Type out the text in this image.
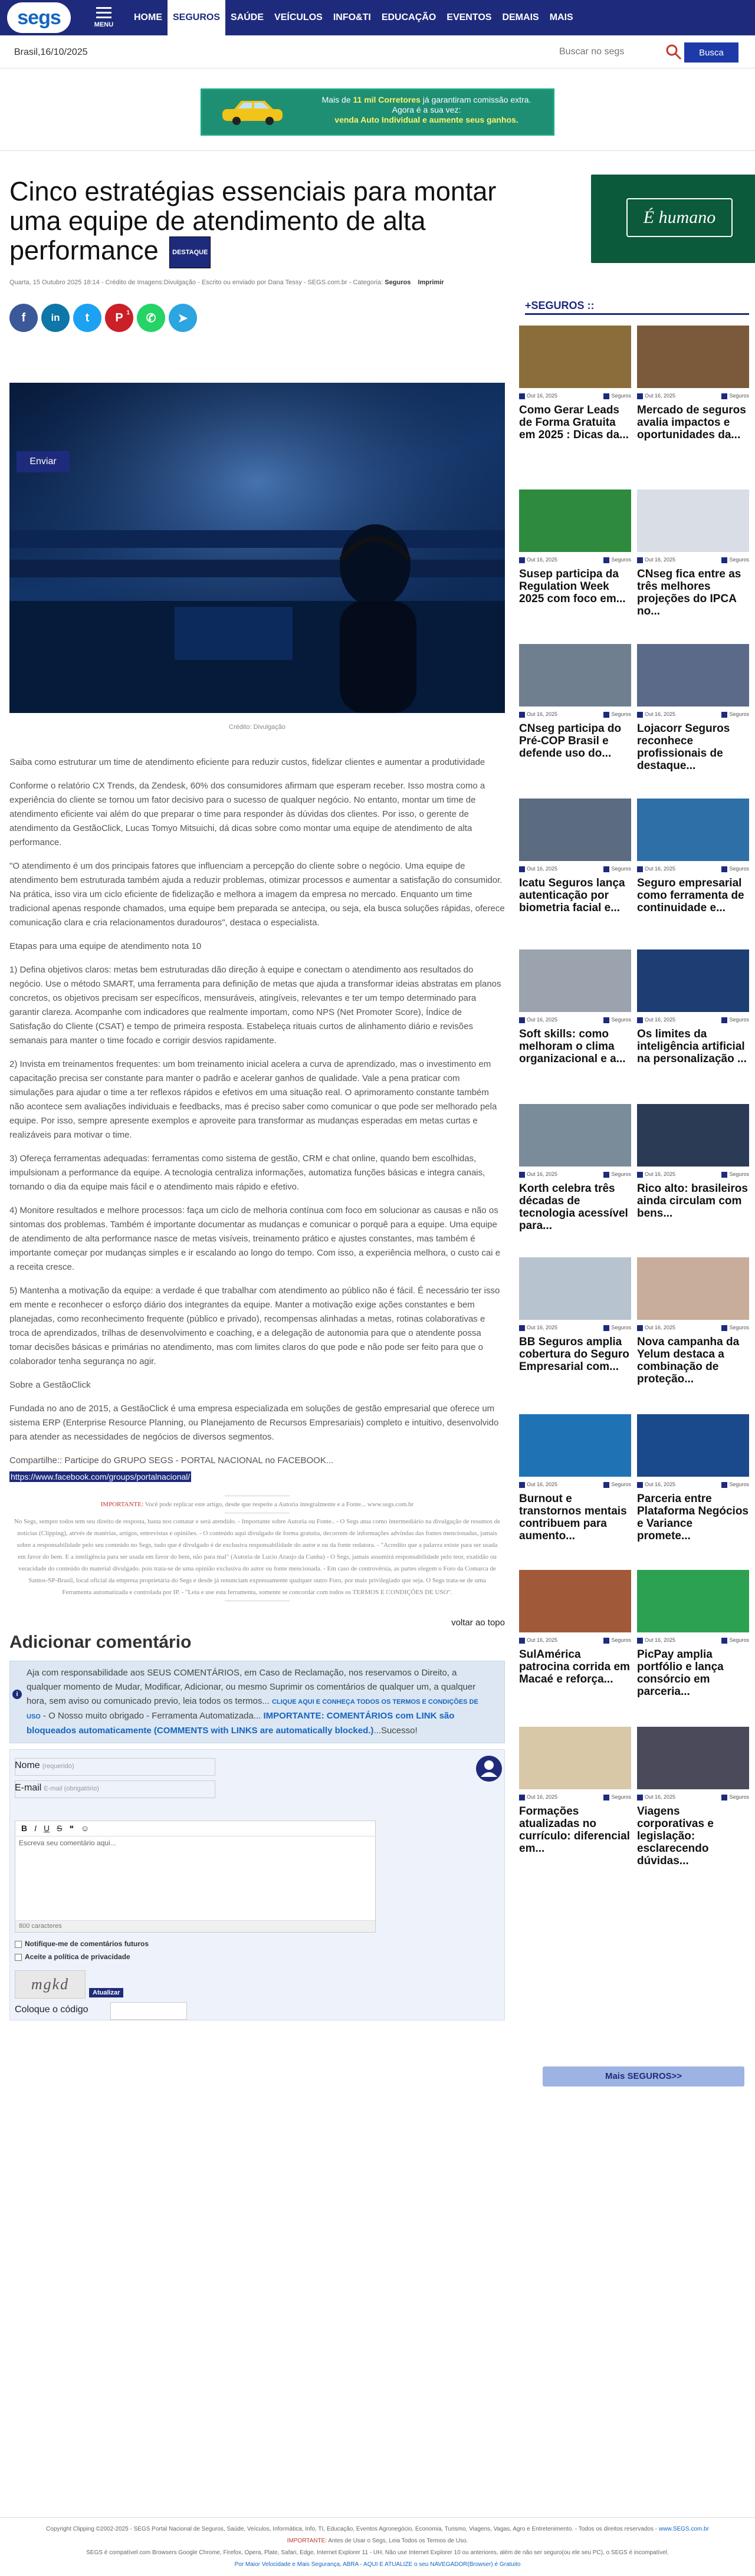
segs	MENU
HOME	SEGUROS	SAÚDE	VEÍCULOS	INFO&TI	EDUCAÇÃO	EVENTOS	DEMAIS	MAIS
Brasil,16/10/2025
Buscar no segs	Busca
Mais de 11 mil Corretores já garantiram comissão extra. Agora é a sua vez:
venda Auto Individual e aumente seus ganhos.
Cinco estratégias essenciais para montar uma equipe de atendimento de alta performance DESTAQUE
Quarta, 15 Outubro 2025 18:14 - Crédito de Imagens:Divulgação - Escrito ou enviado por Dana Tessy - SEGS.com.br - Categoria: Seguros Imprimir
f	in	t	P 1	✆	➤
Crédito: Divulgação

Saiba como estruturar um time de atendimento eficiente para reduzir custos, fidelizar clientes e aumentar a produtividade

Conforme o relatório CX Trends, da Zendesk, 60% dos consumidores afirmam que esperam receber. Isso mostra como a experiência do cliente se tornou um fator decisivo para o sucesso de qualquer negócio. No entanto, montar um time de atendimento eficiente vai além do que preparar o time para responder às dúvidas dos clientes. Por isso, o gerente de atendimento da GestãoClick, Lucas Tomyo Mitsuichi, dá dicas sobre como montar uma equipe de atendimento de alta performance.

"O atendimento é um dos principais fatores que influenciam a percepção do cliente sobre o negócio. Uma equipe de atendimento bem estruturada também ajuda a reduzir problemas, otimizar processos e aumentar a satisfação do consumidor. Na prática, isso vira um ciclo eficiente de fidelização e melhora a imagem da empresa no mercado. Enquanto um time tradicional apenas responde chamados, uma equipe bem preparada se antecipa, ou seja, ela busca soluções rápidas, oferece comunicação clara e cria relacionamentos duradouros", destaca o especialista.

Etapas para uma equipe de atendimento nota 10

1) Defina objetivos claros: metas bem estruturadas dão direção à equipe e conectam o atendimento aos resultados do negócio. Use o método SMART, uma ferramenta para definição de metas que ajuda a transformar ideias abstratas em planos concretos, os objetivos precisam ser específicos, mensuráveis, atingíveis, relevantes e ter um tempo determinado para garantir clareza. Acompanhe com indicadores que realmente importam, como NPS (Net Promoter Score), Índice de Satisfação do Cliente (CSAT) e tempo de primeira resposta. Estabeleça rituais curtos de alinhamento diário e revisões semanais para manter o time focado e corrigir desvios rapidamente.

2) Invista em treinamentos frequentes: um bom treinamento inicial acelera a curva de aprendizado, mas o investimento em capacitação precisa ser constante para manter o padrão e acelerar ganhos de qualidade. Vale a pena praticar com simulações para ajudar o time a ter reflexos rápidos e efetivos em uma situação real. O aprimoramento constante também não acontece sem avaliações individuais e feedbacks, mas é preciso saber como comunicar o que pode ser melhorado pela equipe. Por isso, sempre apresente exemplos e aproveite para transformar as mudanças esperadas em metas curtas e realizáveis para motivar o time.

3) Ofereça ferramentas adequadas: ferramentas como sistema de gestão, CRM e chat online, quando bem escolhidas, impulsionam a performance da equipe. A tecnologia centraliza informações, automatiza funções básicas e integra canais, tornando o dia da equipe mais fácil e o atendimento mais rápido e efetivo.

4) Monitore resultados e melhore processos: faça um ciclo de melhoria contínua com foco em solucionar as causas e não os sintomas dos problemas. Também é importante documentar as mudanças e comunicar o porquê para a equipe. Uma equipe de atendimento de alta performance nasce de metas visíveis, treinamento prático e ajustes constantes, mas também é importante começar por mudanças simples e ir escalando ao longo do tempo. Com isso, a experiência melhora, o custo cai e a receita cresce.

5) Mantenha a motivação da equipe: a verdade é que trabalhar com atendimento ao público não é fácil. É necessário ter isso em mente e reconhecer o esforço diário dos integrantes da equipe. Manter a motivação exige ações constantes e bem planejadas, como reconhecimento frequente (público e privado), recompensas alinhadas a metas, rotinas colaborativas e troca de aprendizados, trilhas de desenvolvimento e coaching, e a delegação de autonomia para que o atendente possa tomar decisões básicas e primárias no atendimento, mas com limites claros do que pode e não pode ser feito para que o colaborador tenha segurança no agir.

Sobre a GestãoClick

Fundada no ano de 2015, a GestãoClick é uma empresa especializada em soluções de gestão empresarial que oferece um sistema ERP (Enterprise Resource Planning, ou Planejamento de Recursos Empresariais) completo e intuitivo, desenvolvido para atender as necessidades de negócios de diversos segmentos.

Compartilhe:: Participe do GRUPO SEGS - PORTAL NACIONAL no FACEBOOK...

https://www.facebook.com/groups/portalnacional/
IMPORTANTE: Você pode replicar este artigo, desde que respeite a Autoria integralmente e a Fonte... www.segs.com.br
No Segs, sempre todos tem seu direito de resposta, basta nos contatar e será atendido. - Importante sobre Autoria ou Fonte.. - O Segs atua como intermediário na divulgação de resumos de notícias (Clipping), atrvés de matérias, artigos, entrevistas e opiniões. - O conteúdo aqui divulgado de forma gratuita, decorrem de informações advindas das fontes mencionadas, jamais sobre a responsabilidade pelo seu conteúdo no Segs, tudo que é divulgado é de exclusiva responsabilidade do autor e ou da fonte redatora. - "Acredito que a palavra existe para ser usada em favor do bem. E a inteligência para ser usada em favor do bem, não para mal" (Autoria de Lucio Araujo da Cunha) - O Segs, jamais assumirá responsabilidade pelo teor, exatidão ou veracidade do conteúdo do material divulgado. pois trata-se de uma opinião exclusiva do autor ou fonte mencionada. - Em caso de controvérsia, as partes elegem o Foro da Comarca de Santos-SP-Brasil, local oficial da empresa proprietária do Segs e desde já renunciam expressamente qualquer outro Foro, por mais privilegiado que seja. O Segs trata-se de uma Ferramenta automatizada e controlada por IP. - "Leia e use esta ferramenta, somente se concordar com todos os TERMOS E CONDIÇÕES DE USO".
voltar ao topo
Adicionar comentário
i
Aja com responsabilidade aos SEUS COMENTÁRIOS, em Caso de Reclamação, nos reservamos o Direito, a qualquer momento de Mudar, Modificar, Adicionar, ou mesmo Suprimir os comentários de qualquer um, a qualquer hora, sem aviso ou comunicado previo, leia todos os termos... CLIQUE AQUI E CONHEÇA TODOS OS TERMOS E CONDIÇÕES DE USO - O Nosso muito obrigado - Ferramenta Automatizada... IMPORTANTE: COMENTÁRIOS com LINK são bloqueados automaticamente (COMMENTS with LINKS are automatically blocked.)...Sucesso!
Nome (requerido)
E-mail E-mail (obrigatório)
B I U S ❝ ☺
Escreva seu comentário aqui...
800 caracteres
Notifique-me de comentários futuros
Aceite a política de privacidade
mgkd	Atualizar
Coloque o código
Enviar
É humano
+SEGUROS ::
Out 16, 2025	Seguros
Como Gerar Leads de Forma Gratuita em 2025 : Dicas da...
Out 16, 2025	Seguros
Mercado de seguros avalia impactos e oportunidades da...
Out 16, 2025	Seguros
Susep participa da Regulation Week 2025 com foco em...
Out 16, 2025	Seguros
CNseg fica entre as três melhores projeções do IPCA no...
Out 16, 2025	Seguros
CNseg participa do Pré-COP Brasil e defende uso do...
Out 16, 2025	Seguros
Lojacorr Seguros reconhece profissionais de destaque...
Out 16, 2025	Seguros
Icatu Seguros lança autenticação por biometria facial e...
Out 16, 2025	Seguros
Seguro empresarial como ferramenta de continuidade e...
Out 16, 2025	Seguros
Soft skills: como melhoram o clima organizacional e a...
Out 16, 2025	Seguros
Os limites da inteligência artificial na personalização ...
Out 16, 2025	Seguros
Korth celebra três décadas de tecnologia acessível para...
Out 16, 2025	Seguros
Rico alto: brasileiros ainda circulam com bens...
Out 16, 2025	Seguros
BB Seguros amplia cobertura do Seguro Empresarial com...
Out 16, 2025	Seguros
Nova campanha da Yelum destaca a combinação de proteção...
Out 16, 2025	Seguros
Burnout e transtornos mentais contribuem para aumento...
Out 16, 2025	Seguros
Parceria entre Plataforma Negócios e Variance promete...
Out 16, 2025	Seguros
SulAmérica patrocina corrida em Macaé e reforça...
Out 16, 2025	Seguros
PicPay amplia portfólio e lança consórcio em parceria...
Out 16, 2025	Seguros
Formações atualizadas no currículo: diferencial em...
Out 16, 2025	Seguros
Viagens corporativas e legislação: esclarecendo dúvidas...
Mais SEGUROS>>

Copyright Clipping ©2002-2025 - SEGS Portal Nacional de Seguros, Saúde, Veículos, Informática, Info, TI, Educação, Eventos Agronegócio, Economia, Turismo, Viagens, Vagas, Agro e Entretenimento. - Todos os direitos reservados - www.SEGS.com.br

IMPORTANTE: Antes de Usar o Segs, Leia Todos os Termos de Uso.

SEGS é compatível com Browsers Google Chrome, Firefox, Opera, Plate, Safari, Edge, Internet Explorer 11 - UH, Não use Internet Explorer 10 ou anteriores, além de não ser seguro(ou ele seu PC), o SEGS é incompatível.

Por Maior Velocidade e Mais Segurança, ABRA - AQUI E ATUALIZE o seu NAVEGADOR(Browser) é Gratuito
